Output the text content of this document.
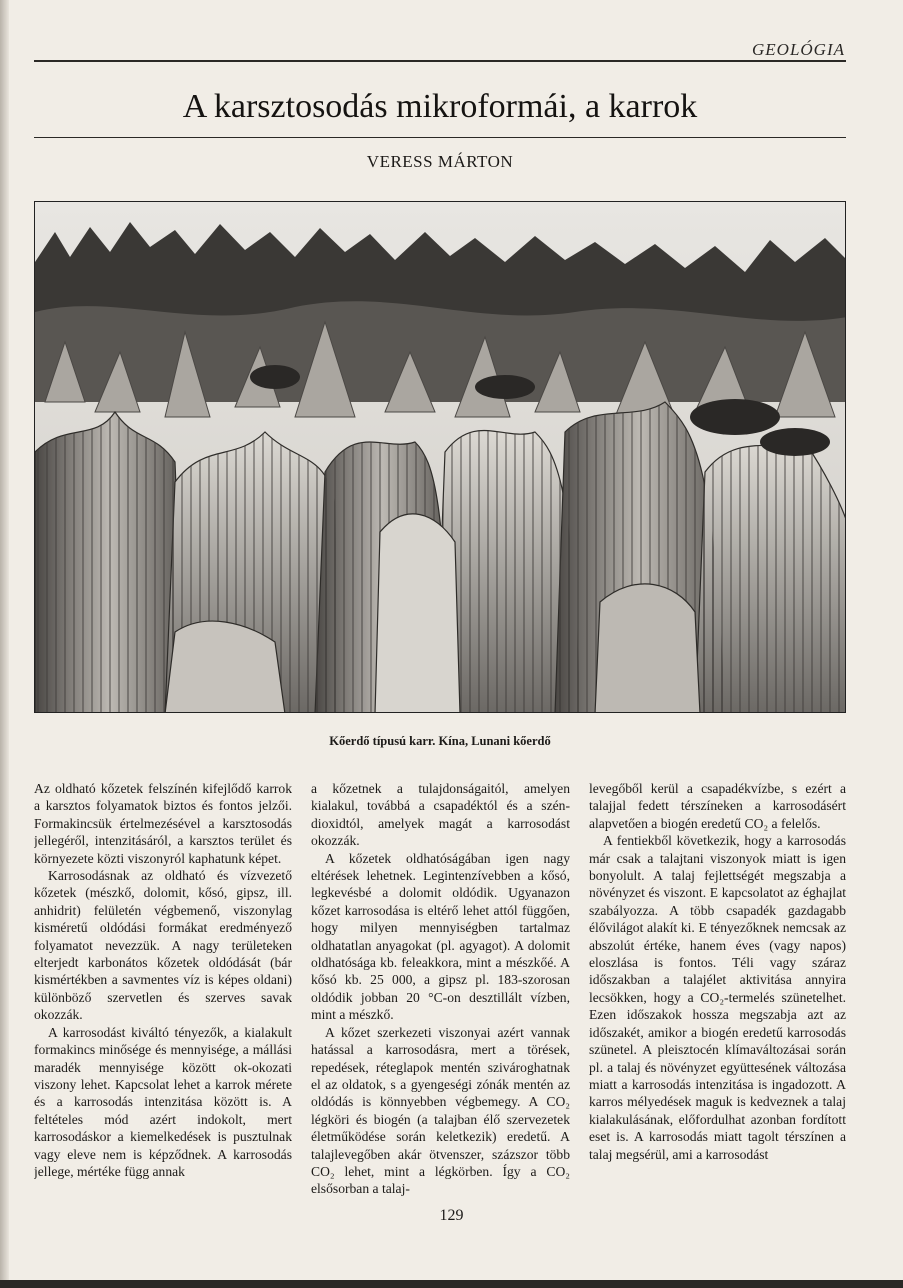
GEOLÓGIA
A karsztosodás mikroformái, a karrok
VERESS MÁRTON
Kőerdő típusú karr. Kína, Lunani kőerdő

Az oldható kőzetek felszínén kifejlődő karrok a karsztos folyamatok biztos és fontos jelzői. Formakincsük értelmezésével a karsztosodás jellegéről, intenzitásáról, a karsztos terület és környezete közti viszonyról kaphatunk képet.

Karrosodásnak az oldható és vízvezető kőzetek (mészkő, dolomit, kősó, gipsz, ill. anhidrit) felületén végbemenő, viszonylag kisméretű oldódási formákat eredményező folyamatot nevezzük. A nagy területeken elterjedt karbonátos kőzetek oldódását (bár kismértékben a savmentes víz is képes oldani) különböző szervetlen és szerves savak okozzák.

A karrosodást kiváltó tényezők, a kialakult formakincs minősége és mennyisége, a mállási maradék mennyisége között ok-okozati viszony lehet. Kapcsolat lehet a karrok mérete és a karrosodás intenzitása között is. A feltételes mód azért indokolt, mert karrosodáskor a kiemelkedések is pusztulnak vagy eleve nem is képződnek. A karrosodás jellege, mértéke függ annak

a kőzetnek a tulajdonságaitól, amelyen kialakul, továbbá a csapadéktól és a szén-dioxidtól, amelyek magát a karrosodást okozzák.

A kőzetek oldhatóságában igen nagy eltérések lehetnek. Legintenzívebben a kősó, legkevésbé a dolomit oldódik. Ugyanazon kőzet karrosodása is eltérő lehet attól függően, hogy milyen mennyiségben tartalmaz oldhatatlan anyagokat (pl. agyagot). A dolomit oldhatósága kb. feleakkora, mint a mészkőé. A kősó kb. 25 000, a gipsz pl. 183-szorosan oldódik jobban 20 °C-on desztillált vízben, mint a mészkő.

A kőzet szerkezeti viszonyai azért vannak hatással a karrosodásra, mert a törések, repedések, réteglapok mentén szivároghatnak el az oldatok, s a gyengeségi zónák mentén az oldódás is könnyebben végbemegy. A CO₂ légköri és biogén (a talajban élő szervezetek életműködése során keletkezik) eredetű. A talajlevegőben akár ötvenszer, százszor több CO₂ lehet, mint a légkörben. Így a CO₂ elsősorban a talaj-

levegőből kerül a csapadékvízbe, s ezért a talajjal fedett térszíneken a karrosodásért alapvetően a biogén eredetű CO₂ a felelős.

A fentiekből következik, hogy a karrosodás már csak a talajtani viszonyok miatt is igen bonyolult. A talaj fejlettségét megszabja a növényzet és viszont. E kapcsolatot az éghajlat szabályozza. A több csapadék gazdagabb élővilágot alakít ki. E tényezőknek nemcsak az abszolút értéke, hanem éves (vagy napos) eloszlása is fontos. Téli vagy száraz időszakban a talajélet aktivitása annyira lecsökken, hogy a CO₂-termelés szünetelhet. Ezen időszakok hossza megszabja azt az időszakét, amikor a biogén eredetű karrosodás szünetel. A pleisztocén klímaváltozásai során pl. a talaj és növényzet együttesének változása miatt a karrosodás intenzitása is ingadozott. A karros mélyedések maguk is kedveznek a talaj kialakulásának, előfordulhat azonban fordított eset is. A karrosodás miatt tagolt térszínen a talaj megsérül, ami a karrosodást

129
